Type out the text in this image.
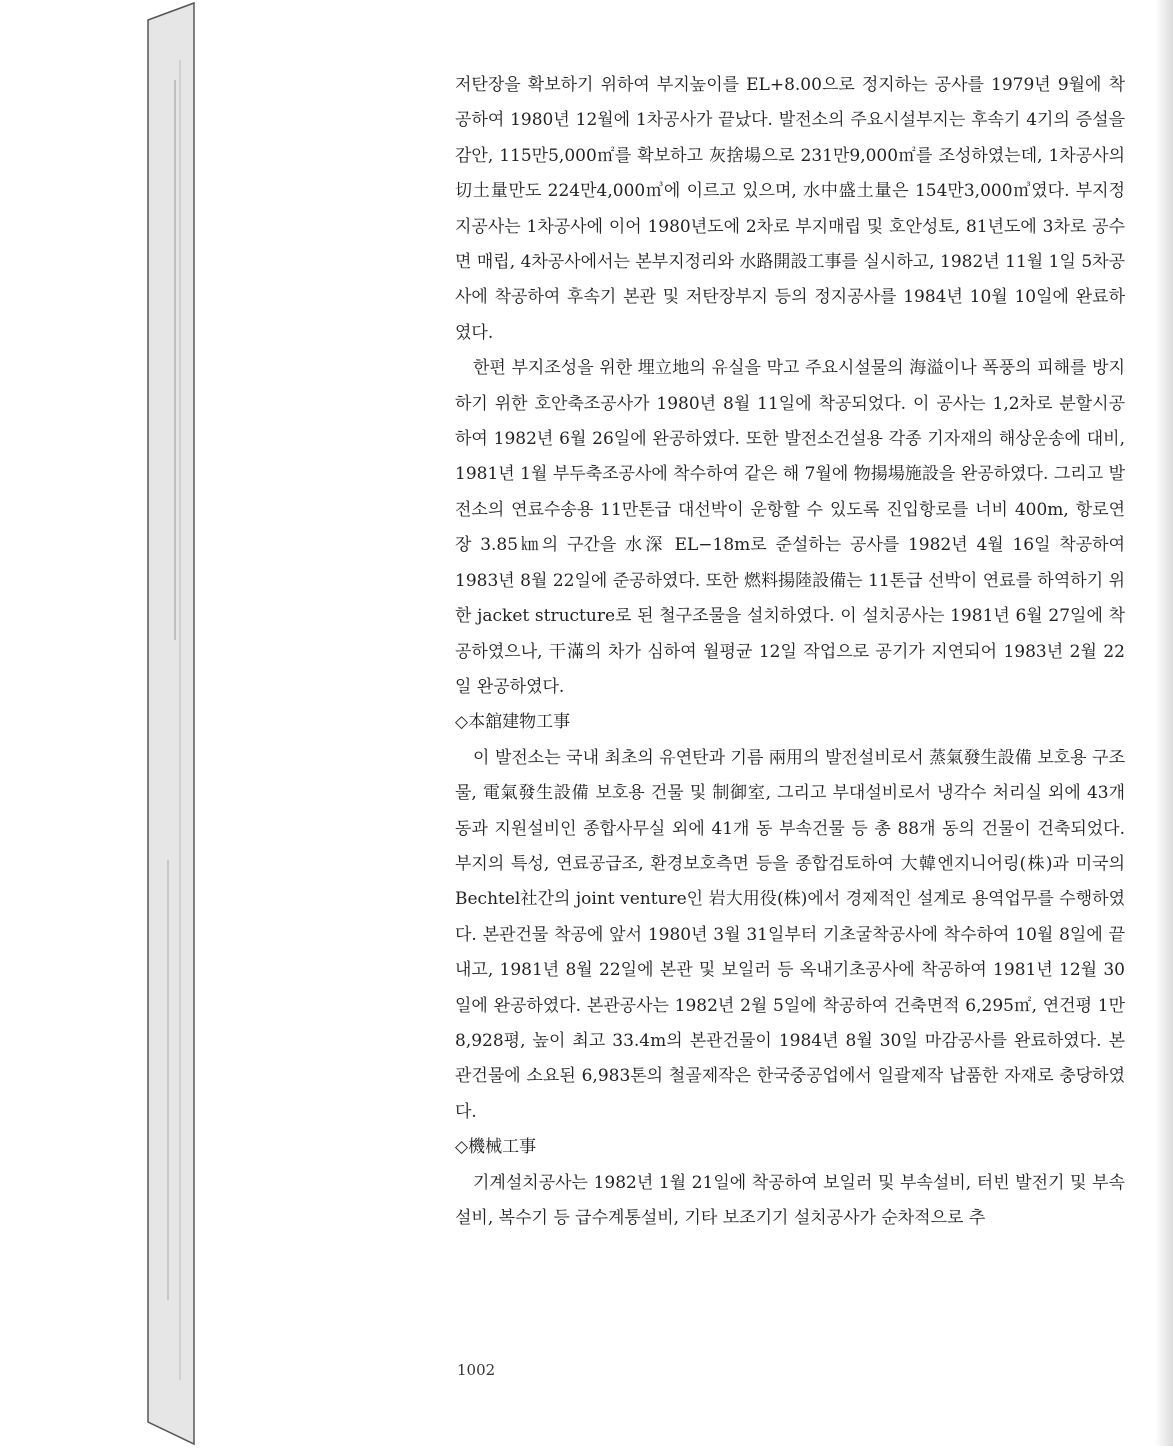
저탄장을 확보하기 위하여 부지높이를 EL+8.00으로 정지하는 공사를 1979년 9월에 착공하여 1980년 12월에 1차공사가 끝났다. 발전소의 주요시설부지는 후속기 4기의 증설을 감안, 115만5,000㎡를 확보하고 灰捨場으로 231만9,000㎡를 조성하였는데, 1차공사의 切土量만도 224만4,000㎥에 이르고 있으며, 水中盛土量은 154만3,000㎥였다. 부지정지공사는 1차공사에 이어 1980년도에 2차로 부지매립 및 호안성토, 81년도에 3차로 공수면 매립, 4차공사에서는 본부지정리와 水路開設工事를 실시하고, 1982년 11월 1일 5차공사에 착공하여 후속기 본관 및 저탄장부지 등의 정지공사를 1984년 10월 10일에 완료하였다.

한편 부지조성을 위한 埋立地의 유실을 막고 주요시설물의 海溢이나 폭풍의 피해를 방지하기 위한 호안축조공사가 1980년 8월 11일에 착공되었다. 이 공사는 1,2차로 분할시공하여 1982년 6월 26일에 완공하였다. 또한 발전소건설용 각종 기자재의 해상운송에 대비, 1981년 1월 부두축조공사에 착수하여 같은 해 7월에 物揚場施設을 완공하였다. 그리고 발전소의 연료수송용 11만톤급 대선박이 운항할 수 있도록 진입항로를 너비 400m, 항로연장 3.85㎞의 구간을 水深 EL−18m로 준설하는 공사를 1982년 4월 16일 착공하여 1983년 8월 22일에 준공하였다. 또한 燃料揚陸設備는 11톤급 선박이 연료를 하역하기 위한 jacket structure로 된 철구조물을 설치하였다. 이 설치공사는 1981년 6월 27일에 착공하였으나, 干滿의 차가 심하여 월평균 12일 작업으로 공기가 지연되어 1983년 2월 22일 완공하였다.

◇本舘建物工事

이 발전소는 국내 최초의 유연탄과 기름 兩用의 발전설비로서 蒸氣發生設備 보호용 구조물, 電氣發生設備 보호용 건물 및 制御室, 그리고 부대설비로서 냉각수 처리실 외에 43개 동과 지원설비인 종합사무실 외에 41개 동 부속건물 등 총 88개 동의 건물이 건축되었다. 부지의 특성, 연료공급조, 환경보호측면 등을 종합검토하여 大韓엔지니어링(株)과 미국의 Bechtel社간의 joint venture인 岩大用役(株)에서 경제적인 설계로 용역업무를 수행하였다. 본관건물 착공에 앞서 1980년 3월 31일부터 기초굴착공사에 착수하여 10월 8일에 끝내고, 1981년 8월 22일에 본관 및 보일러 등 옥내기초공사에 착공하여 1981년 12월 30일에 완공하였다. 본관공사는 1982년 2월 5일에 착공하여 건축면적 6,295㎡, 연건평 1만8,928평, 높이 최고 33.4m의 본관건물이 1984년 8월 30일 마감공사를 완료하였다. 본관건물에 소요된 6,983톤의 철골제작은 한국중공업에서 일괄제작 납품한 자재로 충당하였다.

◇機械工事

기계설치공사는 1982년 1월 21일에 착공하여 보일러 및 부속설비, 터빈 발전기 및 부속설비, 복수기 등 급수계통설비, 기타 보조기기 설치공사가 순차적으로 추

1002
